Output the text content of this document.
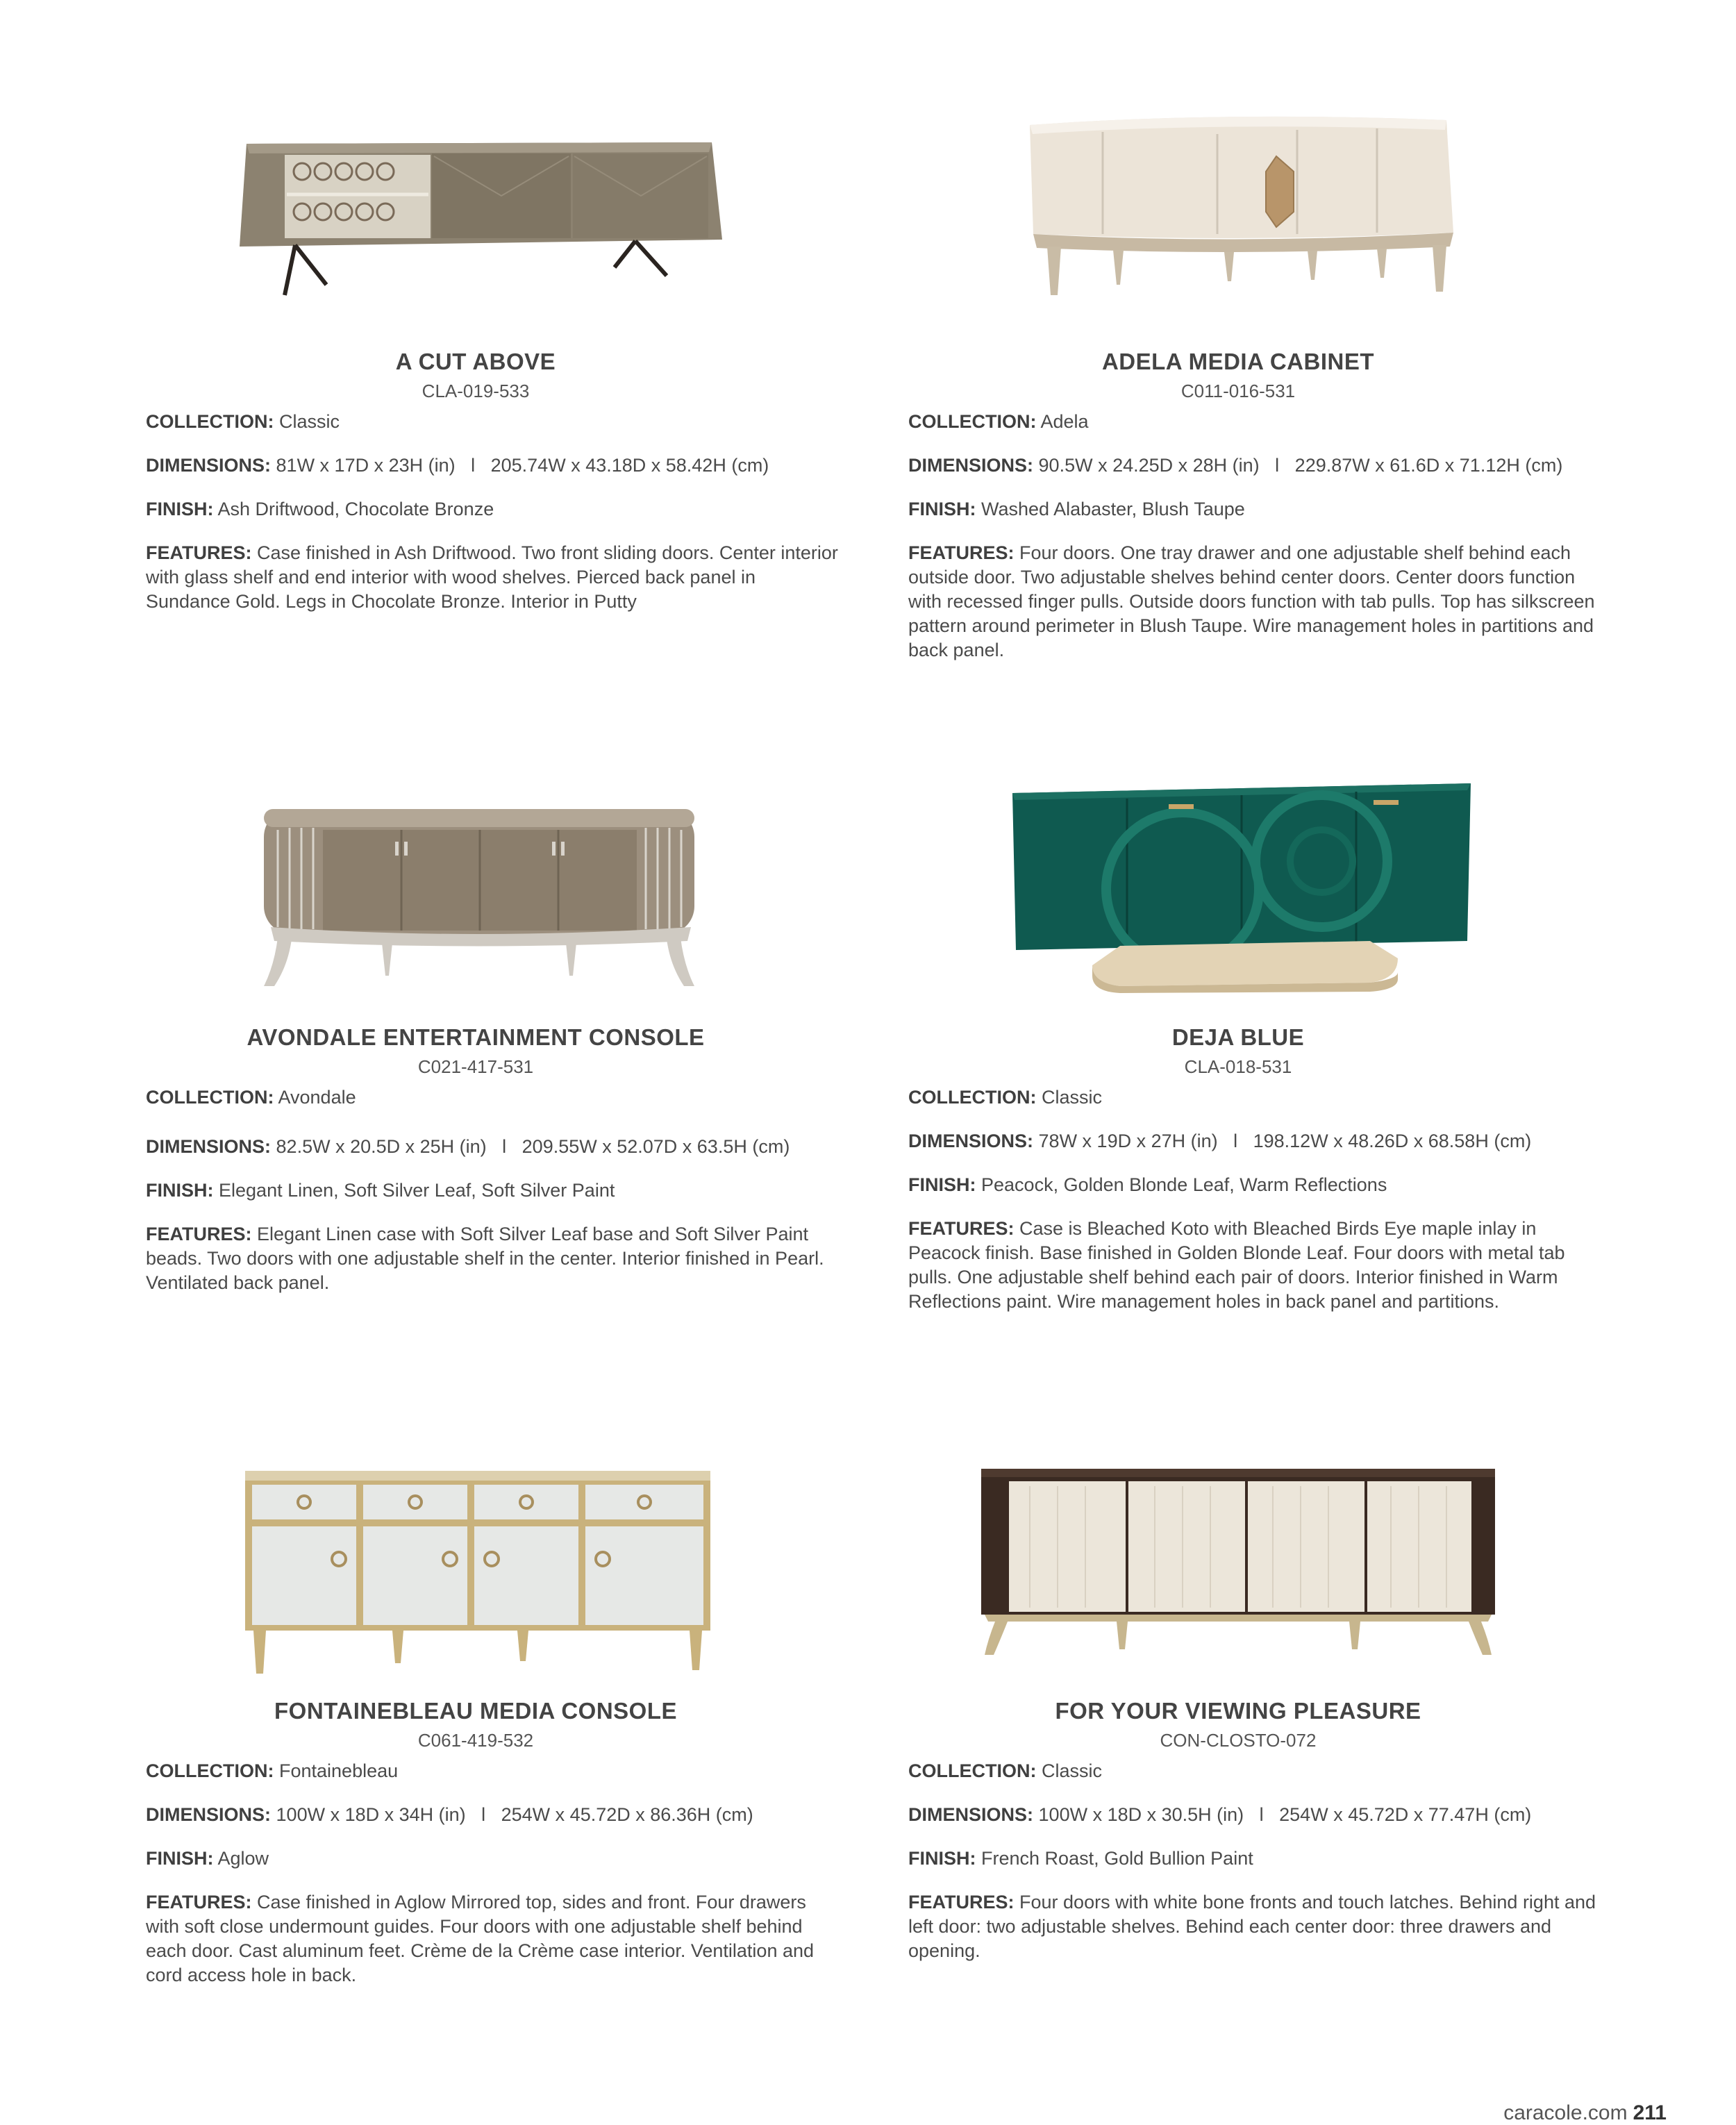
A CUT ABOVE
CLA-019-533

COLLECTION: Classic

DIMENSIONS: 81W x 17D x 23H (in)   l   205.74W x 43.18D x 58.42H (cm)

FINISH: Ash Driftwood, Chocolate Bronze

FEATURES: Case finished in Ash Driftwood. Two front sliding doors. Center interior with glass shelf and end interior with wood shelves. Pierced back panel in Sundance Gold. Legs in Chocolate Bronze. Interior in Putty

ADELA MEDIA CABINET
C011-016-531

COLLECTION: Adela

DIMENSIONS: 90.5W x 24.25D x 28H (in)   l   229.87W x 61.6D x 71.12H (cm)

FINISH: Washed Alabaster, Blush Taupe

FEATURES: Four doors. One tray drawer and one adjustable shelf behind each outside door. Two adjustable shelves behind center doors. Center doors function with recessed finger pulls. Outside doors function with tab pulls. Top has silkscreen pattern around perimeter in Blush Taupe. Wire management holes in partitions and back panel.

AVONDALE ENTERTAINMENT CONSOLE
C021-417-531

COLLECTION: Avondale

DIMENSIONS: 82.5W x 20.5D x 25H (in)   l   209.55W x 52.07D x 63.5H (cm)

FINISH: Elegant Linen, Soft Silver Leaf, Soft Silver Paint

FEATURES: Elegant Linen case with Soft Silver Leaf base and Soft Silver Paint beads. Two doors with one adjustable shelf in the center. Interior finished in Pearl. Ventilated back panel.

DEJA BLUE
CLA-018-531

COLLECTION: Classic

DIMENSIONS: 78W x 19D x 27H (in)   l   198.12W x 48.26D x 68.58H (cm)

FINISH: Peacock, Golden Blonde Leaf, Warm Reflections

FEATURES: Case is Bleached Koto with Bleached Birds Eye maple inlay in Peacock finish. Base finished in Golden Blonde Leaf. Four doors with metal tab pulls. One adjustable shelf behind each pair of doors. Interior finished in Warm Reflections paint. Wire management holes in back panel and partitions.

FONTAINEBLEAU MEDIA CONSOLE
C061-419-532

COLLECTION: Fontainebleau

DIMENSIONS: 100W x 18D x 34H (in)   l   254W x 45.72D x 86.36H (cm)

FINISH: Aglow

FEATURES: Case finished in Aglow Mirrored top, sides and front. Four drawers with soft close undermount guides. Four doors with one adjustable shelf behind each door. Cast aluminum feet. Crème de la Crème case interior. Ventilation and cord access hole in back.

FOR YOUR VIEWING PLEASURE
CON-CLOSTO-072

COLLECTION: Classic

DIMENSIONS: 100W x 18D x 30.5H (in)   l   254W x 45.72D x 77.47H (cm)

FINISH: French Roast, Gold Bullion Paint

FEATURES: Four doors with white bone fronts and touch latches. Behind right and left door: two adjustable shelves. Behind each center door: three drawers and opening.

caracole.com 211
